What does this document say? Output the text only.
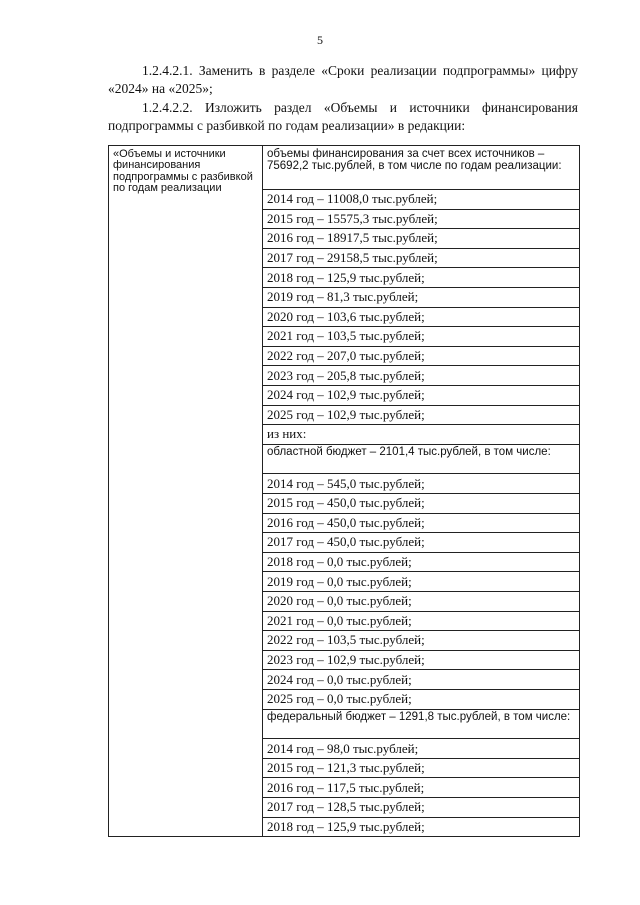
5
1.2.4.2.1. Заменить в разделе «Сроки реализации подпрограммы» цифру «2024» на «2025»;
1.2.4.2.2. Изложить раздел «Объемы и источники финансирования подпрограммы с разбивкой по годам реализации» в редакции:
«Объемы и источники финансирования подпрограммы с разбивкой по годам реализации	
объемы финансирования за счет всех источников – 75692,2 тыс.рублей, в том числе по годам реализации:
2014 год – 11008,0 тыс.рублей;
2015 год – 15575,3 тыс.рублей;
2016 год – 18917,5 тыс.рублей;
2017 год – 29158,5 тыс.рублей;
2018 год – 125,9 тыс.рублей;
2019 год – 81,3 тыс.рублей;
2020 год – 103,6 тыс.рублей;
2021 год – 103,5 тыс.рублей;
2022 год – 207,0 тыс.рублей;
2023 год – 205,8 тыс.рублей;
2024 год – 102,9 тыс.рублей;
2025 год – 102,9 тыс.рублей;
из них:
областной бюджет – 2101,4 тыс.рублей, в том числе:
2014 год – 545,0 тыс.рублей;
2015 год – 450,0 тыс.рублей;
2016 год – 450,0 тыс.рублей;
2017 год – 450,0 тыс.рублей;
2018 год – 0,0 тыс.рублей;
2019 год – 0,0 тыс.рублей;
2020 год – 0,0 тыс.рублей;
2021 год – 0,0 тыс.рублей;
2022 год – 103,5 тыс.рублей;
2023 год – 102,9 тыс.рублей;
2024 год – 0,0 тыс.рублей;
2025 год – 0,0 тыс.рублей;
федеральный бюджет – 1291,8 тыс.рублей, в том числе:
2014 год – 98,0 тыс.рублей;
2015 год – 121,3 тыс.рублей;
2016 год – 117,5 тыс.рублей;
2017 год – 128,5 тыс.рублей;
2018 год – 125,9 тыс.рублей;
